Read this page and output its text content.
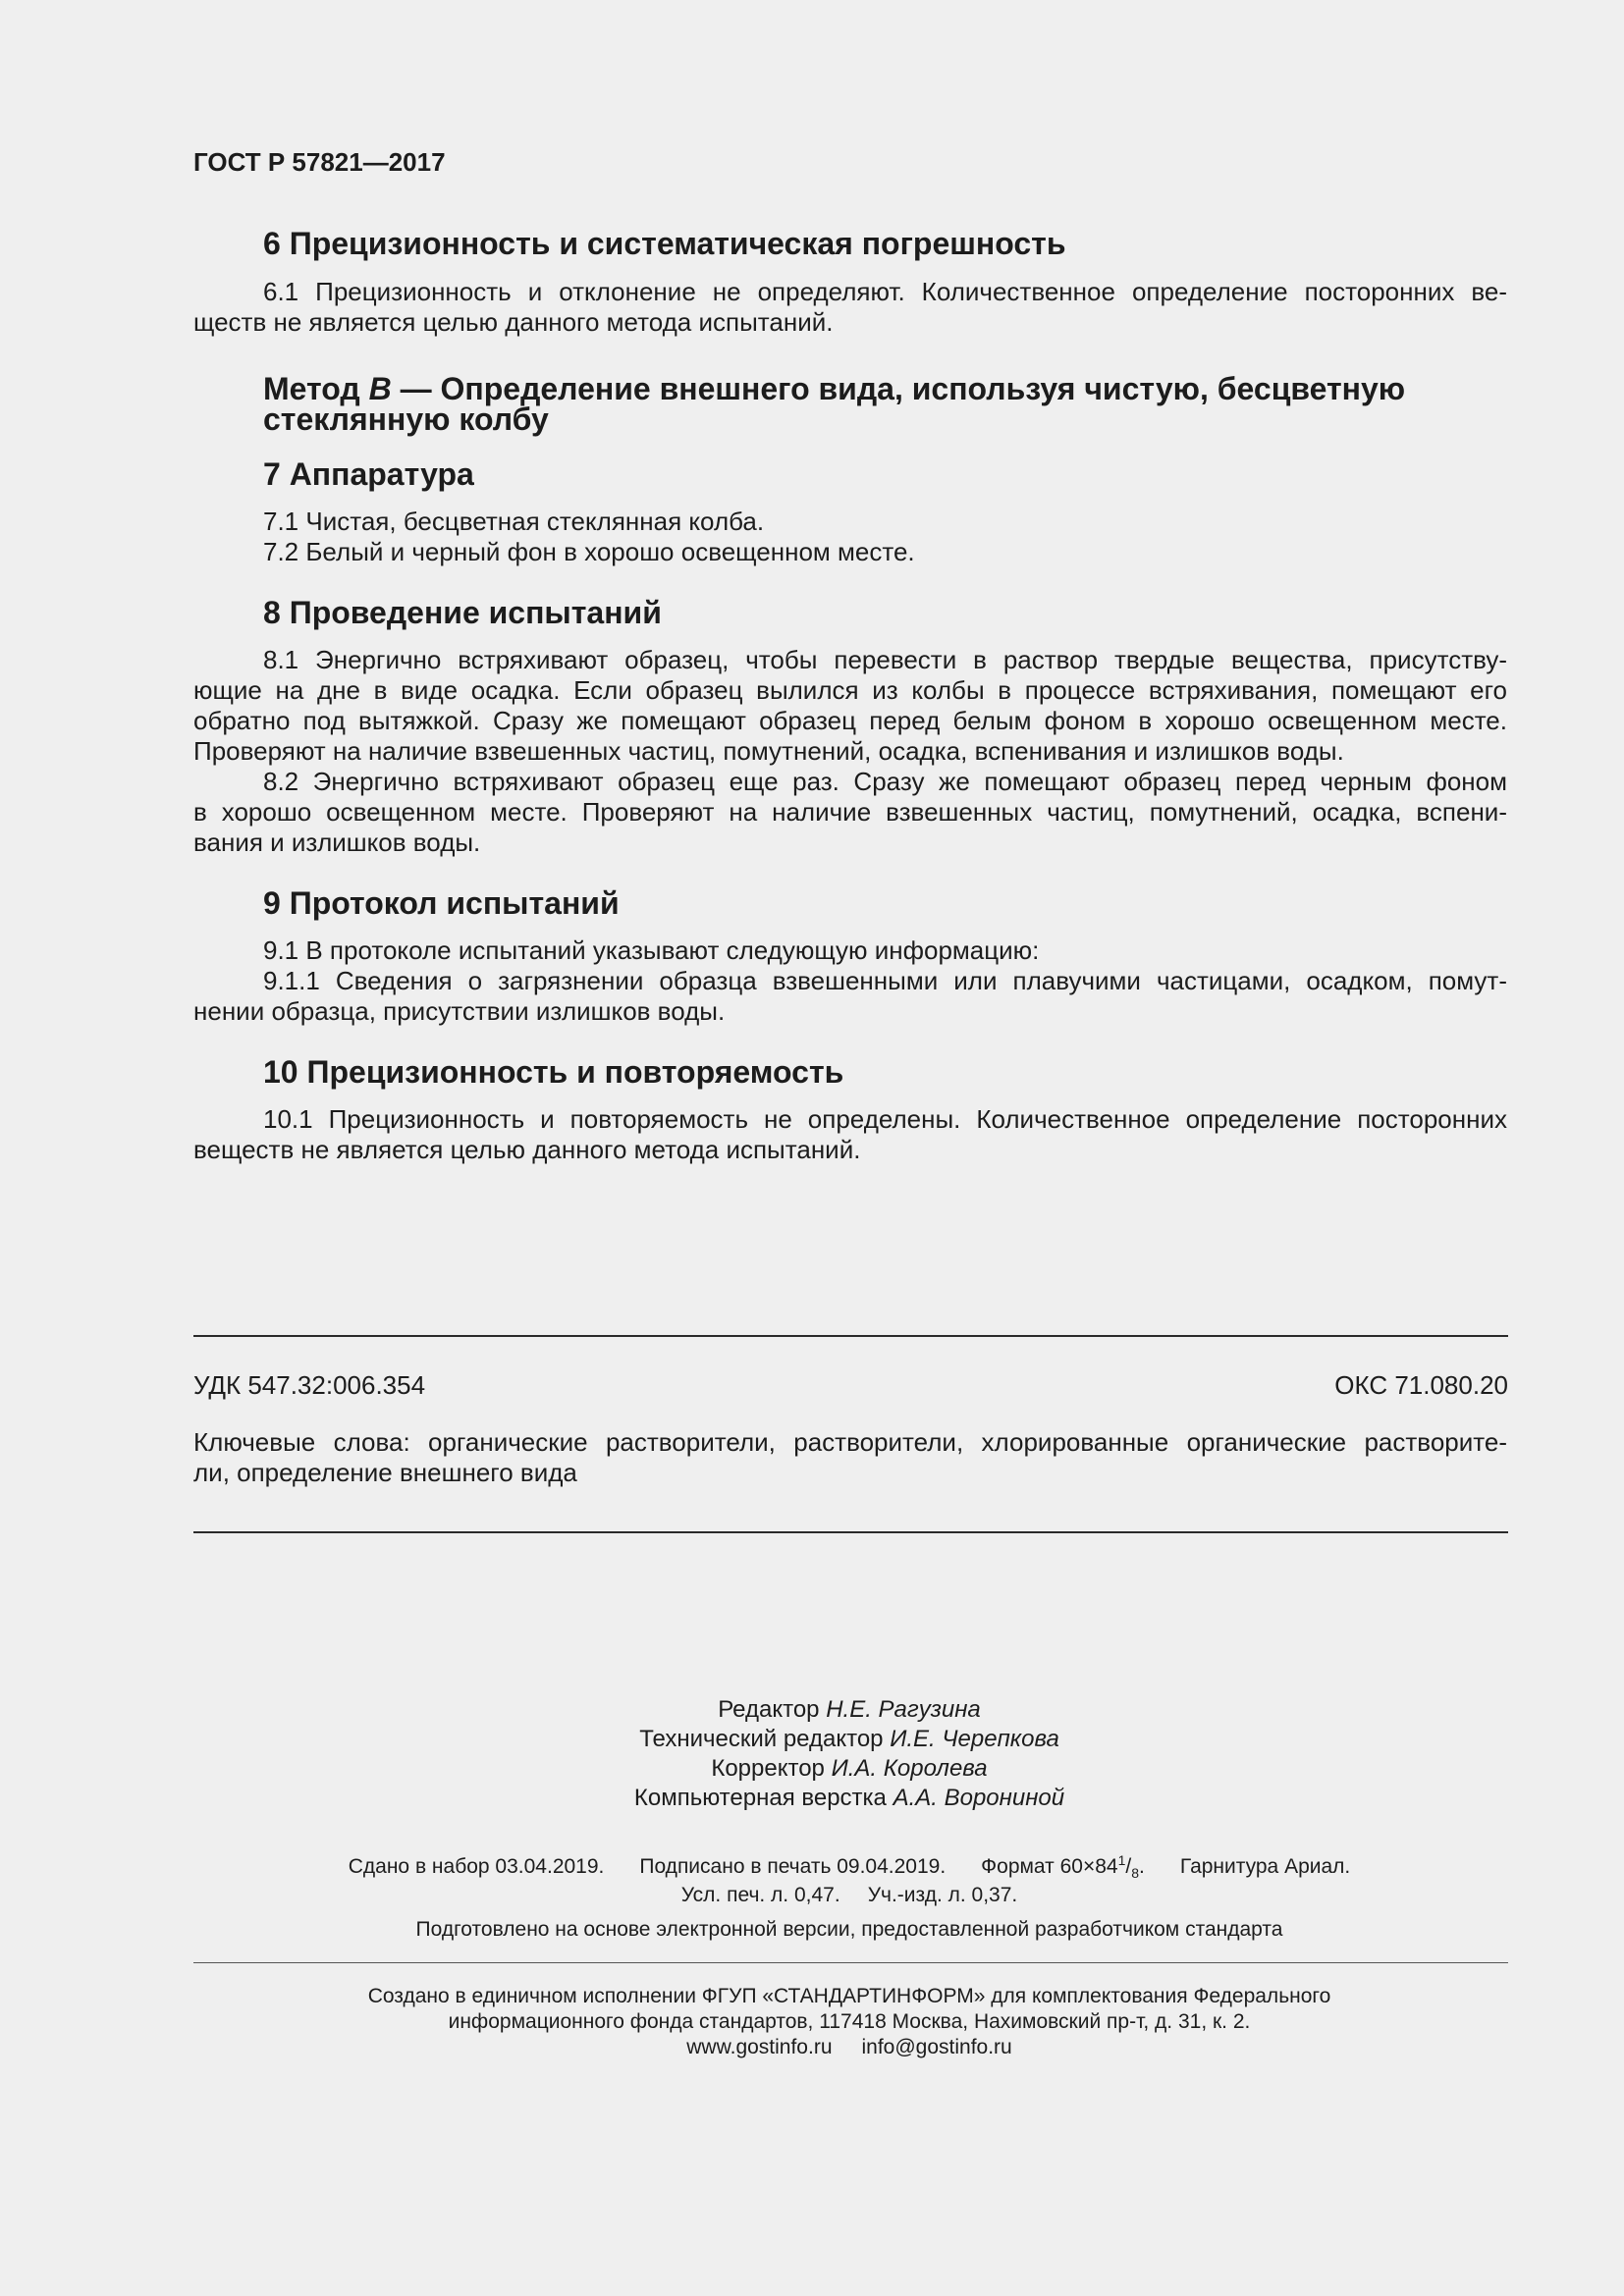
ГОСТ Р 57821—2017
6 Прецизионность и систематическая погрешность
6.1 Прецизионность и отклонение не определяют. Количественное определение посторонних ве-
ществ не является целью данного метода испытаний.
Метод B — Определение внешнего вида, используя чистую, бесцветную
стеклянную колбу
7 Аппаратура
7.1 Чистая, бесцветная стеклянная колба.
7.2 Белый и черный фон в хорошо освещенном месте.
8 Проведение испытаний
8.1 Энергично встряхивают образец, чтобы перевести в раствор твердые вещества, присутству-
ющие на дне в виде осадка. Если образец вылился из колбы в процессе встряхивания, помещают его
обратно под вытяжкой. Сразу же помещают образец перед белым фоном в хорошо освещенном месте.
Проверяют на наличие взвешенных частиц, помутнений, осадка, вспенивания и излишков воды.
8.2 Энергично встряхивают образец еще раз. Сразу же помещают образец перед черным фоном
в хорошо освещенном месте. Проверяют на наличие взвешенных частиц, помутнений, осадка, вспени-
вания и излишков воды.
9 Протокол испытаний
9.1 В протоколе испытаний указывают следующую информацию:
9.1.1 Сведения о загрязнении образца взвешенными или плавучими частицами, осадком, помут-
нении образца, присутствии излишков воды.
10 Прецизионность и повторяемость
10.1 Прецизионность и повторяемость не определены. Количественное определение посторонних
веществ не является целью данного метода испытаний.
УДК 547.32:006.354	ОКС 71.080.20
Ключевые слова: органические растворители, растворители, хлорированные органические растворите-
ли, определение внешнего вида
Редактор Н.Е. Рагузина
Технический редактор И.Е. Черепкова
Корректор И.А. Королева
Компьютерная верстка А.А. Ворониной
Сдано в набор 03.04.2019. Подписано в печать 09.04.2019. Формат $60\times 84^1/_8$. Гарнитура Ариал.
Усл. печ. л. 0,47. Уч.-изд. л. 0,37.
Подготовлено на основе электронной версии, предоставленной разработчиком стандарта
Создано в единичном исполнении ФГУП «СТАНДАРТИНФОРМ» для комплектования Федерального
информационного фонда стандартов, 117418 Москва, Нахимовский пр-т, д. 31, к. 2.
www.gostinfo.ru info@gostinfo.ru
